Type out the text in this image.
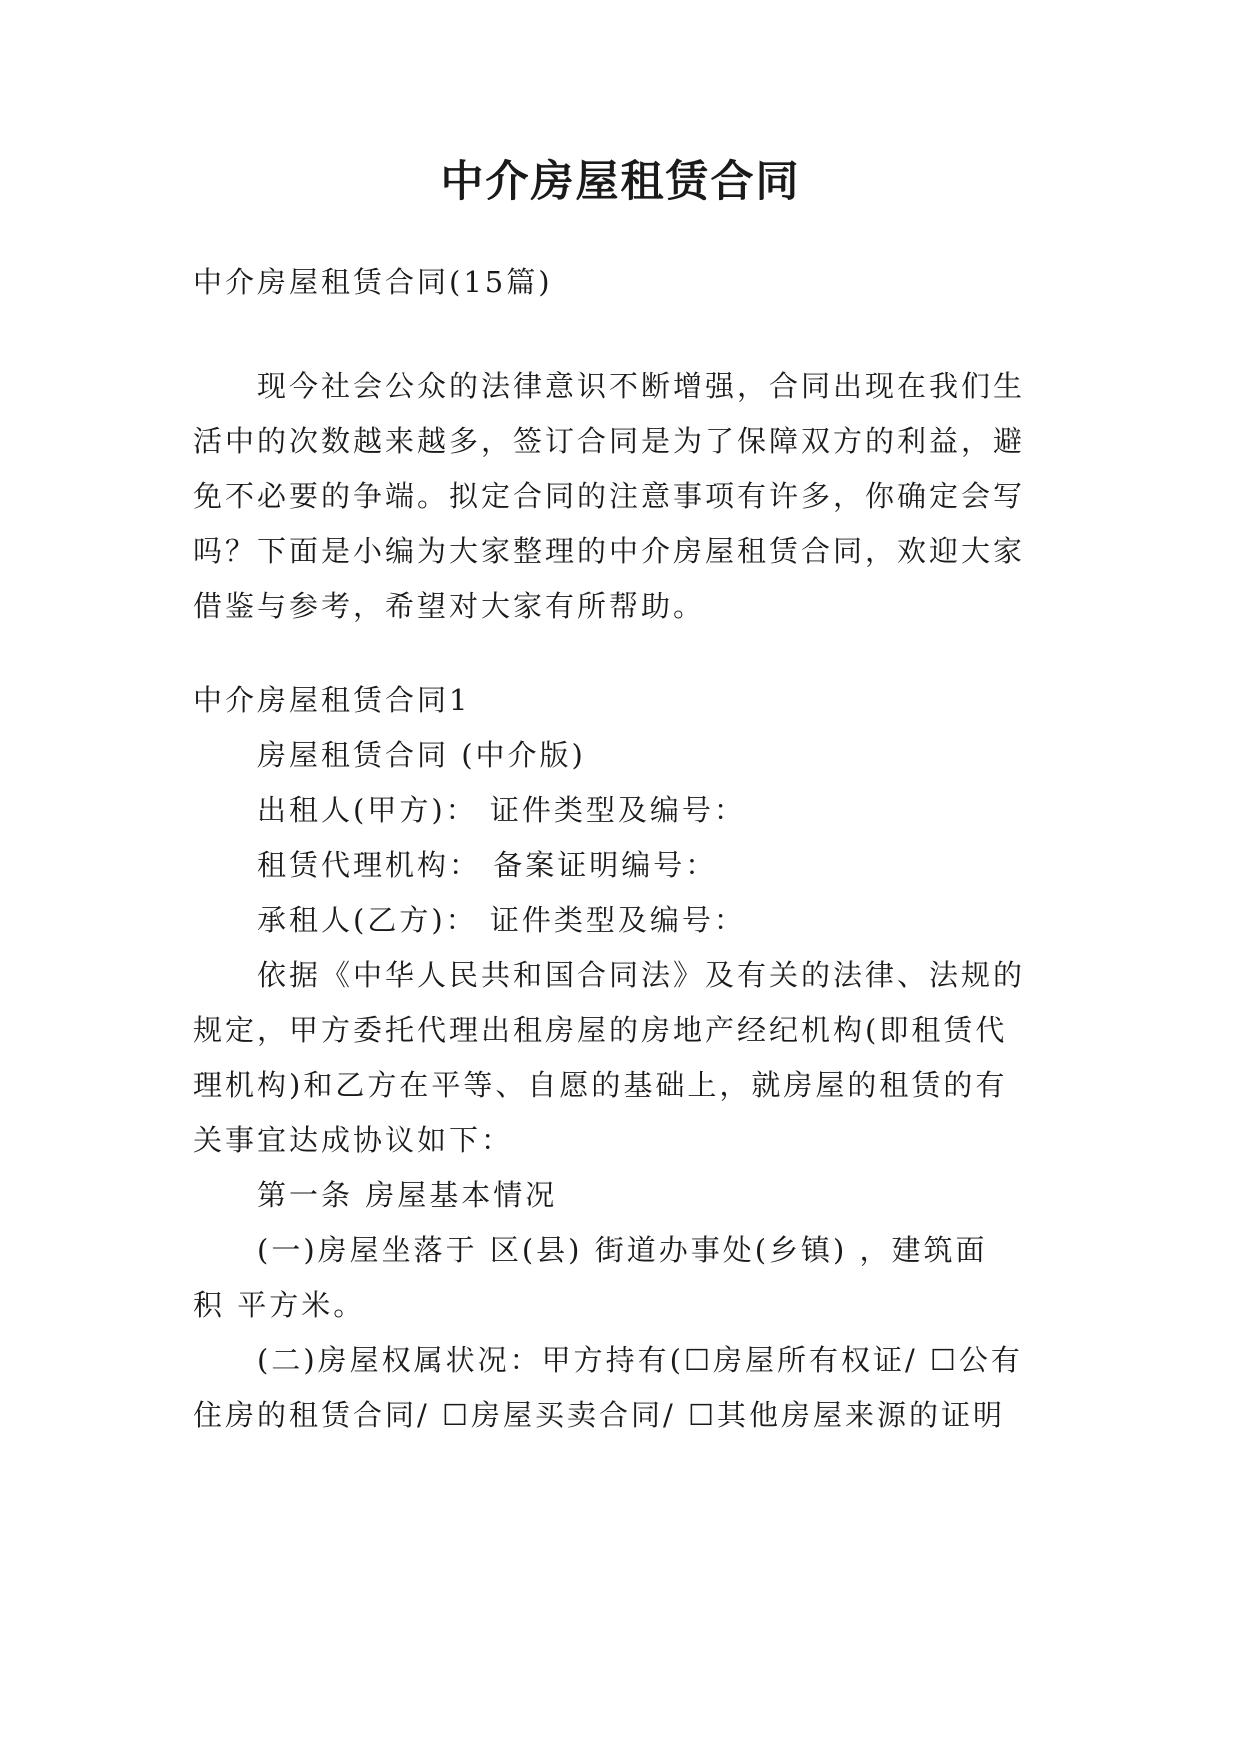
中介房屋租赁合同
中介房屋租赁合同(15篇)
现今社会公众的法律意识不断增强，合同出现在我们生
活中的次数越来越多，签订合同是为了保障双方的利益，避
免不必要的争端。拟定合同的注意事项有许多，你确定会写
吗？下面是小编为大家整理的中介房屋租赁合同，欢迎大家
借鉴与参考，希望对大家有所帮助。
中介房屋租赁合同1
房屋租赁合同 (中介版)
出租人(甲方)： 证件类型及编号：
租赁代理机构： 备案证明编号：
承租人(乙方)： 证件类型及编号：
依据《中华人民共和国合同法》及有关的法律、法规的
规定，甲方委托代理出租房屋的房地产经纪机构(即租赁代
理机构)和乙方在平等、自愿的基础上，就房屋的租赁的有
关事宜达成协议如下：
第一条 房屋基本情况
(一)房屋坐落于 区(县) 街道办事处(乡镇) ，建筑面
积 平方米。
(二)房屋权属状况：甲方持有(☐房屋所有权证/ ☐公有
住房的租赁合同/ ☐房屋买卖合同/ ☐其他房屋来源的证明
